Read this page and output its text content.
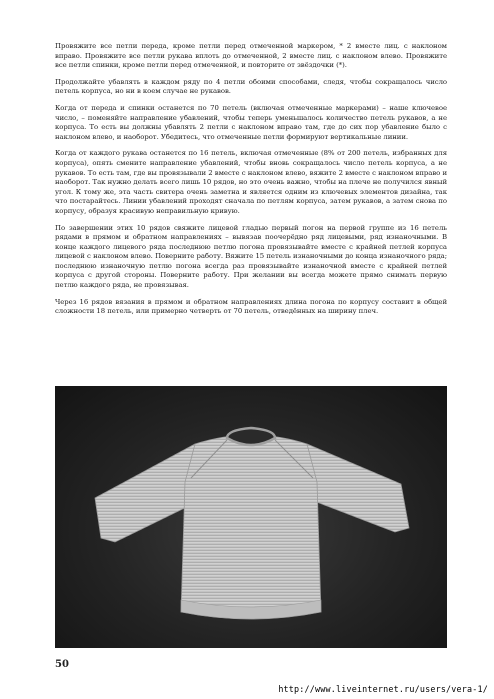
Провяжите все петли переда, кроме петли перед отмеченной маркером, * 2 вместе лиц. с наклоном вправо. Провяжите все петли рукава вплоть до отмеченной, 2 вместе лиц. с наклоном влево. Провяжите все петли спинки, кроме петли перед отмеченной, и повторите от звёздочки (*).

Продолжайте убавлять в каждом ряду по 4 петли обоими способами, следя, чтобы сокращалось число петель корпуса, но ни в коем случае не рукавов.

Когда от переда и спинки останется по 70 петель (включая отмеченные маркерами) – наше ключевое число, – поменяйте направление убавлений, чтобы теперь уменьшалось количество петель рукавов, а не корпуса. То есть вы должны убавлять 2 петли с наклоном вправо там, где до сих пор убавление было с наклоном влево, и наоборот. Убедитесь, что отмеченные петли формируют вертикальные линии.

Когда от каждого рукава останется по 16 петель, включая отмеченные (8% от 200 петель, избранных для корпуса), опять смените направление убавлений, чтобы вновь сокращалось число петель корпуса, а не рукавов. То есть там, где вы провязывали 2 вместе с наклоном влево, вяжите 2 вместе с наклоном вправо и наоборот. Так нужно делать всего лишь 10 рядов, но это очень важно, чтобы на плече не получился явный угол. К тому же, эта часть свитера очень заметна и является одним из ключевых элементов дизайна, так что постарайтесь. Линии убавлений проходят сначала по петлям корпуса, затем рукавов, а затем снова по корпусу, образуя красивую неправильную кривую.

По завершении этих 10 рядов свяжите лицевой гладью первый погон на первой группе из 16 петель рядами в прямом и обратном направлениях – вывязав поочерёдно ряд лицевыми, ряд изнаночными. В конце каждого лицевого ряда последнюю петлю погона провязывайте вместе с крайней петлей корпуса лицевой с наклоном влево. Поверните работу. Вяжите 15 петель изнаночными до конца изнаночного ряда; последнюю изнаночную петлю погона всегда раз провязывайте изнаночной вместе с крайней петлей корпуса с другой стороны. Поверните работу. При желании вы всегда можете прямо снимать первую петлю каждого ряда, не провязывая.

Через 16 рядов вязания в прямом и обратном направлениях длина погона по корпусу составит в общей сложности 18 петель, или примерно четверть от 70 петель, отведённых на ширину плеч.

50
http://www.liveinternet.ru/users/vera-1/
